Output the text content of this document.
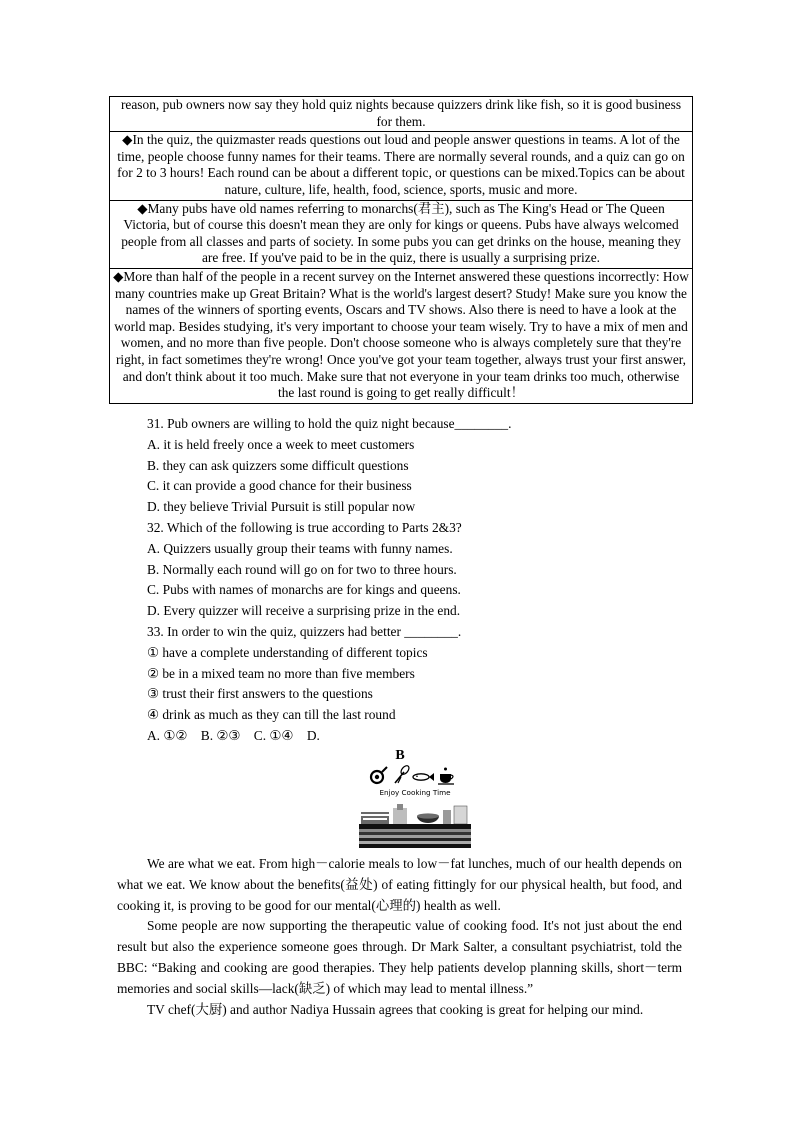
reason, pub owners now say they hold quiz nights because quizzers drink like fish, so it is good business for them.
◆In the quiz, the quizmaster reads questions out loud and people answer questions in teams. A lot of the time, people choose funny names for their teams. There are normally several rounds, and a quiz can go on for 2 to 3 hours! Each round can be about a different topic, or questions can be mixed.Topics can be about nature, culture, life, health, food, science, sports, music and more.
◆Many pubs have old names referring to monarchs(君主), such as The King's Head or The Queen Victoria, but of course this doesn't mean they are only for kings or queens. Pubs have always welcomed people from all classes and parts of society. In some pubs you can get drinks on the house, meaning they are free. If you've paid to be in the quiz, there is usually a surprising prize.
◆More than half of the people in a recent survey on the Internet answered these questions incorrectly: How many countries make up Great Britain? What is the world's largest desert? Study! Make sure you know the names of the winners of sporting events, Oscars and TV shows. Also there is need to have a look at the world map. Besides studying, it's very important to choose your team wisely. Try to have a mix of men and women, and no more than five people. Don't choose someone who is always completely sure that they're right, in fact sometimes they're wrong! Once you've got your team together, always trust your first answer, and don't think about it too much. Make sure that not everyone in your team drinks too much, otherwise the last round is going to get really difficult！
31. Pub owners are willing to hold the quiz night because________.
A. it is held freely once a week to meet customers
B. they can ask quizzers some difficult questions
C. it can provide a good chance for their business
D. they believe Trivial Pursuit is still popular now
32. Which of the following is true according to Parts 2&3?
A. Quizzers usually group their teams with funny names.
B. Normally each round will go on for two to three hours.
C. Pubs with names of monarchs are for kings and queens.
D. Every quizzer will receive a surprising prize in the end.
33. In order to win the quiz, quizzers had better ________.
① have a complete understanding of different topics
② be in a mixed team no more than five members
③ trust their first answers to the questions
④ drink as much as they can till the last round
A. ①②    B. ②③    C. ①④    D.
B
Enjoy Cooking Time

We are what we eat. From high－calorie meals to low－fat lunches, much of our health depends on what we eat. We know about the benefits(益处) of eating fittingly for our physical health, but food, and cooking it, is proving to be good for our mental(心理的) health as well.

Some people are now supporting the therapeutic value of cooking food. It's not just about the end result but also the experience someone goes through. Dr Mark Salter, a consultant psychiatrist, told the BBC: “Baking and cooking are good therapies. They help patients develop planning skills, short－term memories and social skills—lack(缺乏) of which may lead to mental illness.”

TV chef(大厨) and author Nadiya Hussain agrees that cooking is great for helping our mind.
